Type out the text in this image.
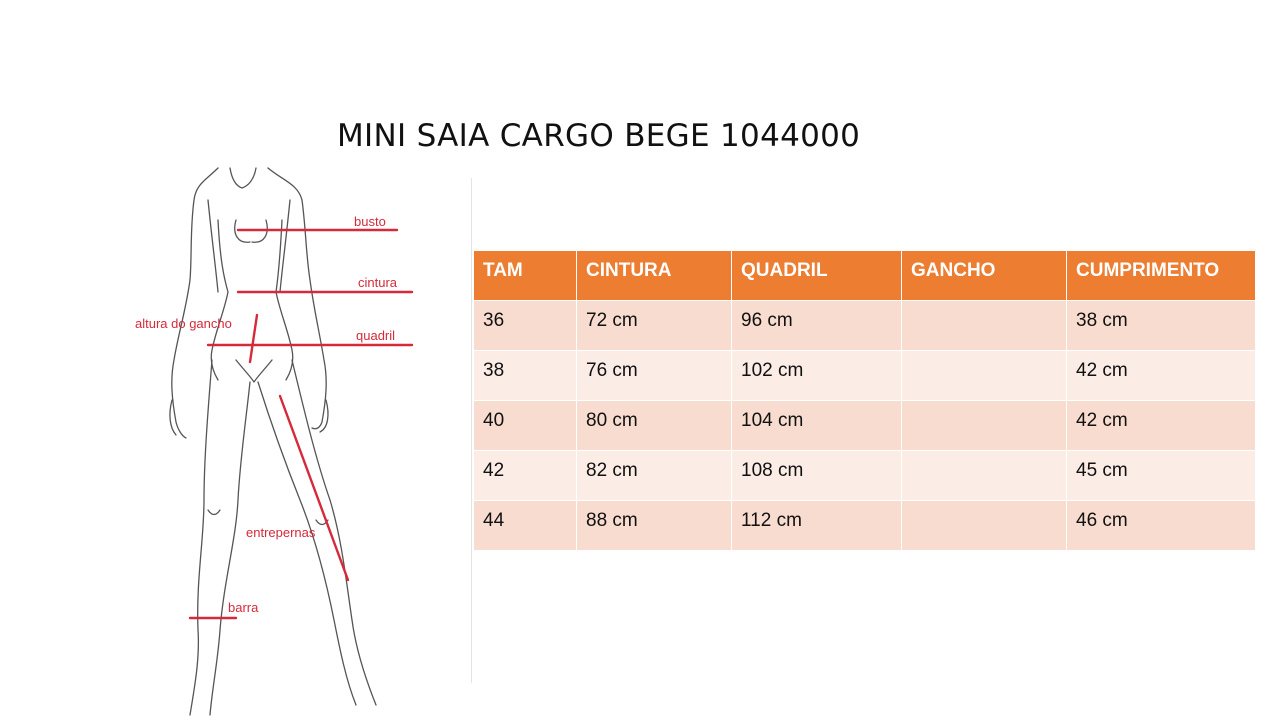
MINI SAIA CARGO BEGE 1044000
busto
cintura
altura do gancho
quadril
entrepernas
barra
TAM	CINTURA	QUADRIL	GANCHO	CUMPRIMENTO
36	72 cm	96 cm		38 cm
38	76 cm	102 cm		42 cm
40	80 cm	104 cm		42 cm
42	82 cm	108 cm		45 cm
44	88 cm	112 cm		46 cm
